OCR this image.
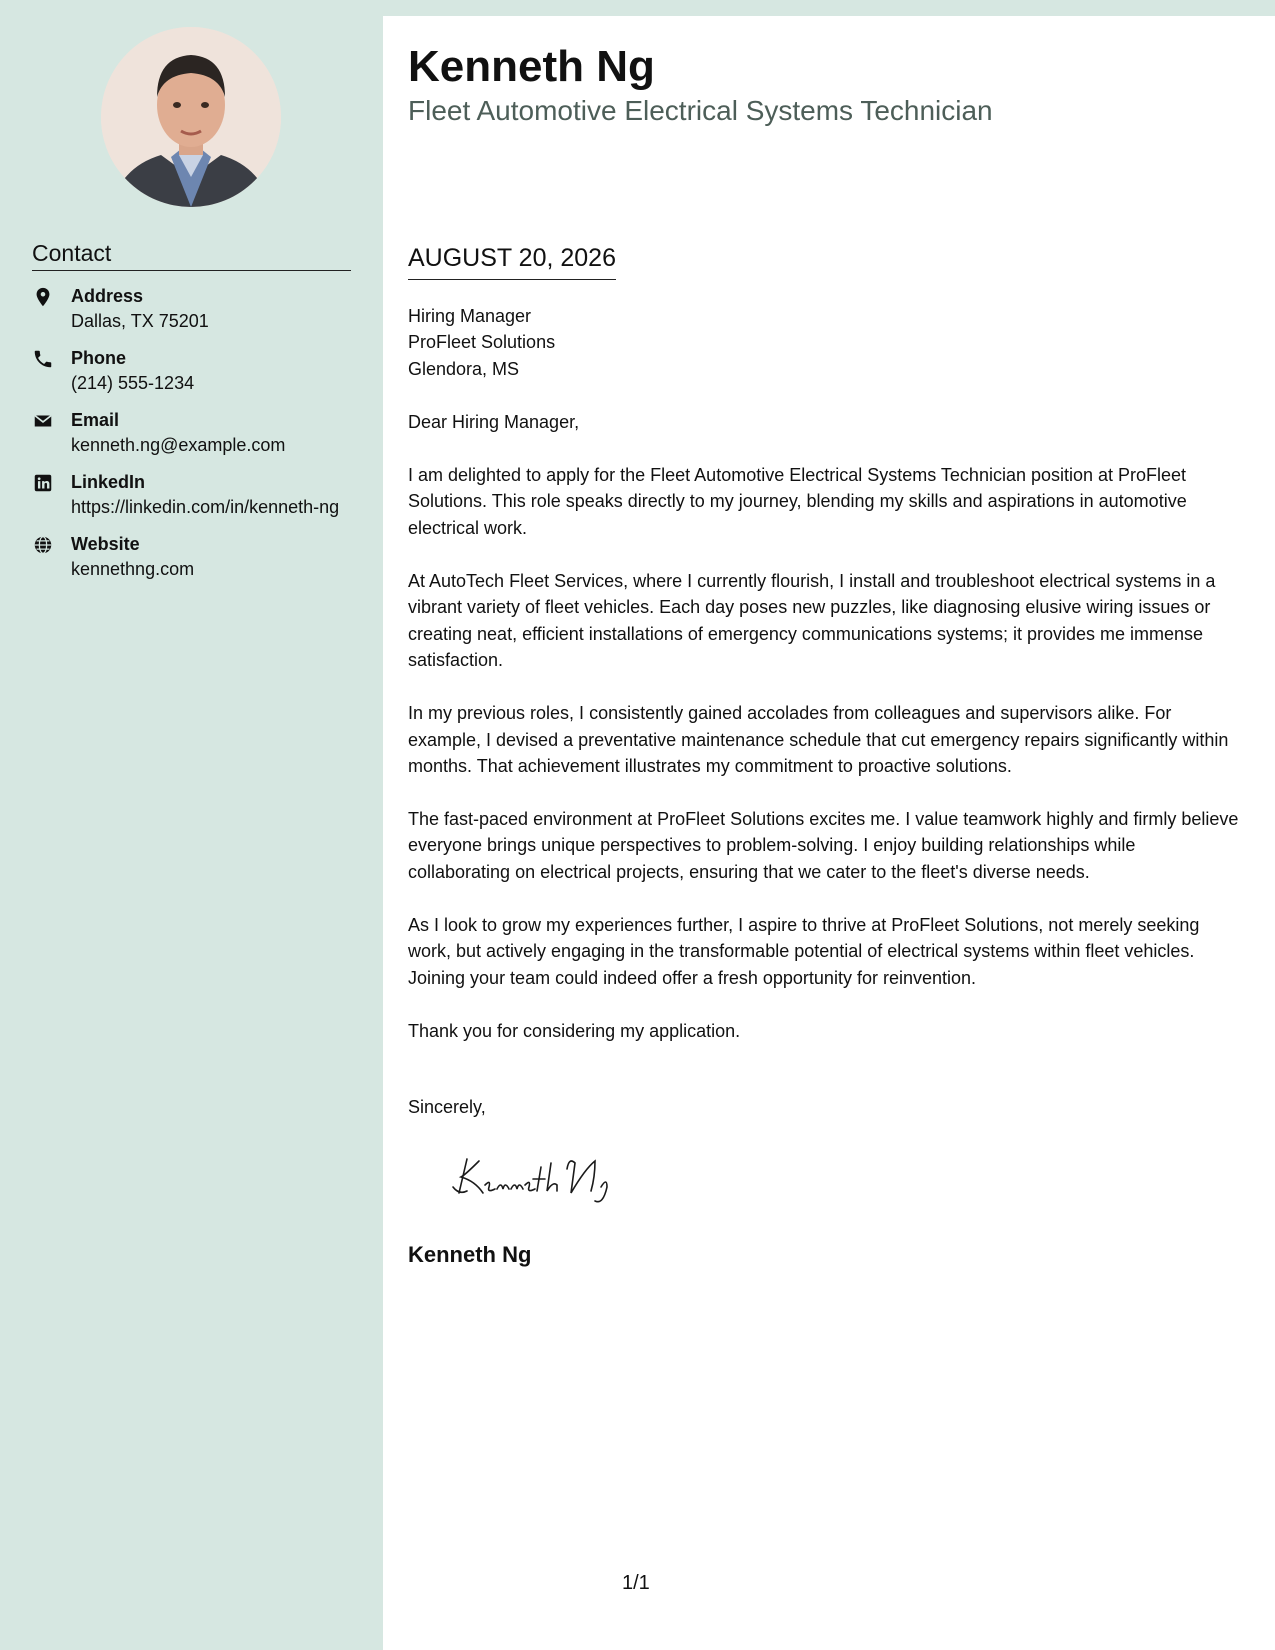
Contact
Address
Dallas, TX 75201
Phone
(214) 555-1234
Email
kenneth.ng@example.com
LinkedIn
https://linkedin.com/in/kenneth-ng
Website
kennethng.com
Kenneth Ng
Fleet Automotive Electrical Systems Technician
AUGUST 20, 2026
Hiring Manager
ProFleet Solutions
Glendora, MS

Dear Hiring Manager,

I am delighted to apply for the Fleet Automotive Electrical Systems Technician position at ProFleet Solutions. This role speaks directly to my journey, blending my skills and aspirations in automotive electrical work.

At AutoTech Fleet Services, where I currently flourish, I install and troubleshoot electrical systems in a vibrant variety of fleet vehicles. Each day poses new puzzles, like diagnosing elusive wiring issues or creating neat, efficient installations of emergency communications systems; it provides me immense satisfaction.

In my previous roles, I consistently gained accolades from colleagues and supervisors alike. For example, I devised a preventative maintenance schedule that cut emergency repairs significantly within months. That achievement illustrates my commitment to proactive solutions.

The fast-paced environment at ProFleet Solutions excites me. I value teamwork highly and firmly believe everyone brings unique perspectives to problem-solving. I enjoy building relationships while collaborating on electrical projects, ensuring that we cater to the fleet's diverse needs.

As I look to grow my experiences further, I aspire to thrive at ProFleet Solutions, not merely seeking work, but actively engaging in the transformable potential of electrical systems within fleet vehicles. Joining your team could indeed offer a fresh opportunity for reinvention.

Thank you for considering my application.

Sincerely,
Kenneth Ng
1/1
